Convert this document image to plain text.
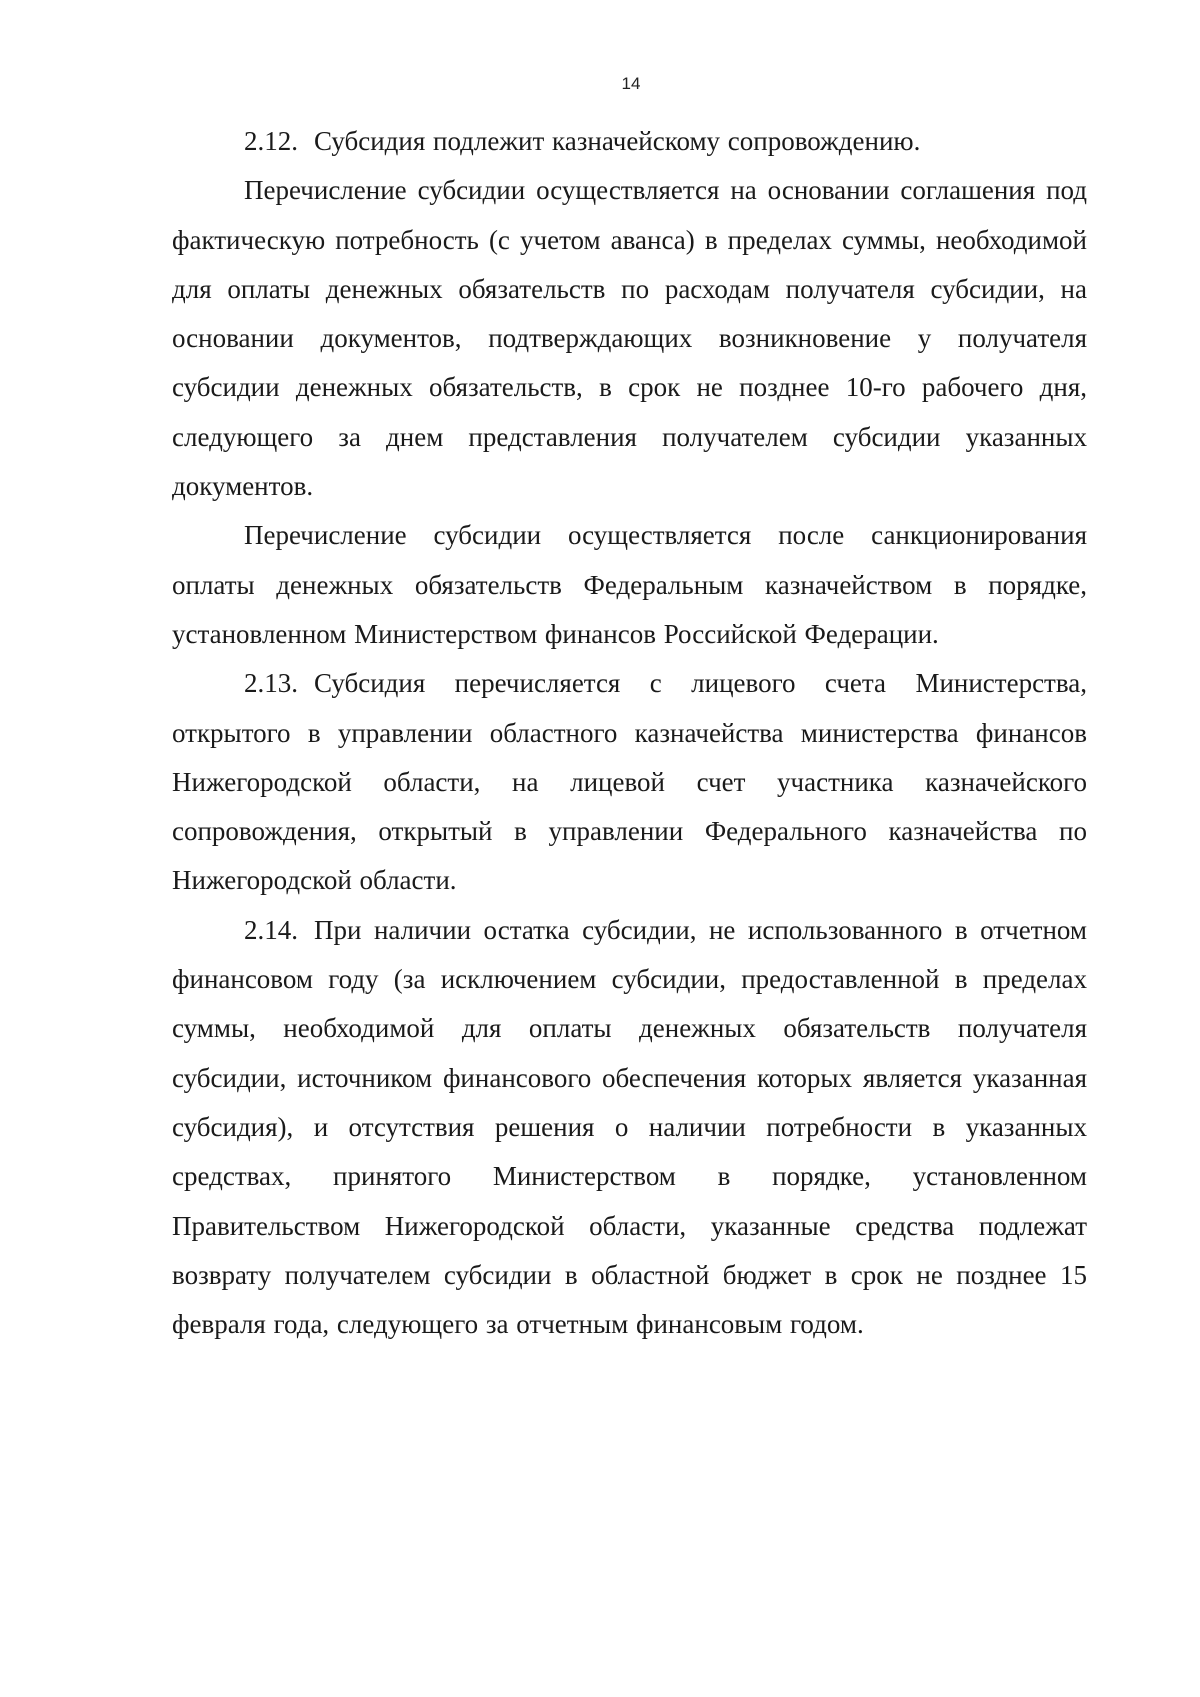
14

2.12. Субсидия подлежит казначейскому сопровождению.

Перечисление субсидии осуществляется на основании соглашения под фактическую потребность (с учетом аванса) в пределах суммы, необходимой для оплаты денежных обязательств по расходам получателя субсидии, на основании документов, подтверждающих возникновение у получателя субсидии денежных обязательств, в срок не позднее 10-го рабочего дня, следующего за днем представления получателем субсидии указанных документов.

Перечисление субсидии осуществляется после санкционирования оплаты денежных обязательств Федеральным казначейством в порядке, установленном Министерством финансов Российской Федерации.

2.13. Субсидия перечисляется с лицевого счета Министерства, открытого в управлении областного казначейства министерства финансов Нижегородской области, на лицевой счет участника казначейского сопровождения, открытый в управлении Федерального казначейства по Нижегородской области.

2.14. При наличии остатка субсидии, не использованного в отчетном финансовом году (за исключением субсидии, предоставленной в пределах суммы, необходимой для оплаты денежных обязательств получателя субсидии, источником финансового обеспечения которых является указанная субсидия), и отсутствия решения о наличии потребности в указанных средствах, принятого Министерством в порядке, установленном Правительством Нижегородской области, указанные средства подлежат возврату получателем субсидии в областной бюджет в срок не позднее 15 февраля года, следующего за отчетным финансовым годом.
